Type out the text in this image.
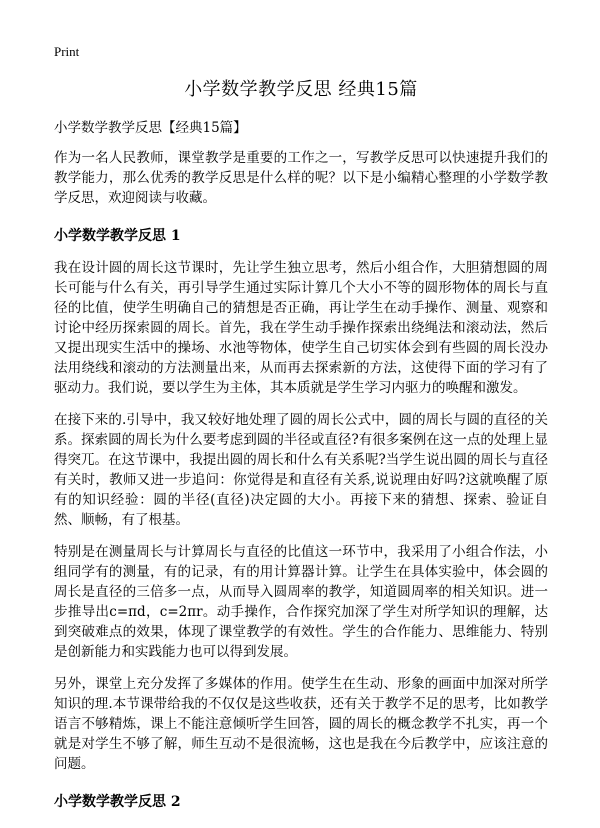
Print
小学数学教学反思 经典15篇

小学数学教学反思【经典15篇】

作为一名人民教师，课堂教学是重要的工作之一，写教学反思可以快速提升我们的教学能力，那么优秀的教学反思是什么样的呢？以下是小编精心整理的小学数学教学反思，欢迎阅读与收藏。

小学数学教学反思 1

我在设计圆的周长这节课时，先让学生独立思考，然后小组合作，大胆猜想圆的周长可能与什么有关，再引导学生通过实际计算几个大小不等的圆形物体的周长与直径的比值，使学生明确自己的猜想是否正确，再让学生在动手操作、测量、观察和讨论中经历探索圆的周长。首先，我在学生动手操作探索出绕绳法和滚动法，然后又提出现实生活中的操场、水池等物体，使学生自己切实体会到有些圆的周长没办法用绕线和滚动的方法测量出来，从而再去探索新的方法，这使得下面的学习有了驱动力。我们说，要以学生为主体，其本质就是学生学习内驱力的唤醒和激发。

在接下来的.引导中，我又较好地处理了圆的周长公式中，圆的周长与圆的直径的关系。探索圆的周长为什么要考虑到圆的半径或直径?有很多案例在这一点的处理上显得突兀。在这节课中，我提出圆的周长和什么有关系呢?当学生说出圆的周长与直径有关时，教师又进一步追问：你觉得是和直径有关系,说说理由好吗?这就唤醒了原有的知识经验：圆的半径(直径)决定圆的大小。再接下来的猜想、探索、验证自然、顺畅，有了根基。

特别是在测量周长与计算周长与直径的比值这一环节中，我采用了小组合作法，小组同学有的测量，有的记录，有的用计算器计算。让学生在具体实验中，体会圆的周长是直径的三倍多一点，从而导入圆周率的教学，知道圆周率的相关知识。进一步推导出c=πd，c=2πr。动手操作，合作探究加深了学生对所学知识的理解，达到突破难点的效果，体现了课堂教学的有效性。学生的合作能力、思维能力、特别是创新能力和实践能力也可以得到发展。

另外，课堂上充分发挥了多媒体的作用。使学生在生动、形象的画面中加深对所学知识的理.本节课带给我的不仅仅是这些收获，还有关于教学不足的思考，比如教学语言不够精炼，课上不能注意倾听学生回答，圆的周长的概念教学不扎实，再一个就是对学生不够了解，师生互动不是很流畅，这也是我在今后教学中，应该注意的问题。

小学数学教学反思 2
